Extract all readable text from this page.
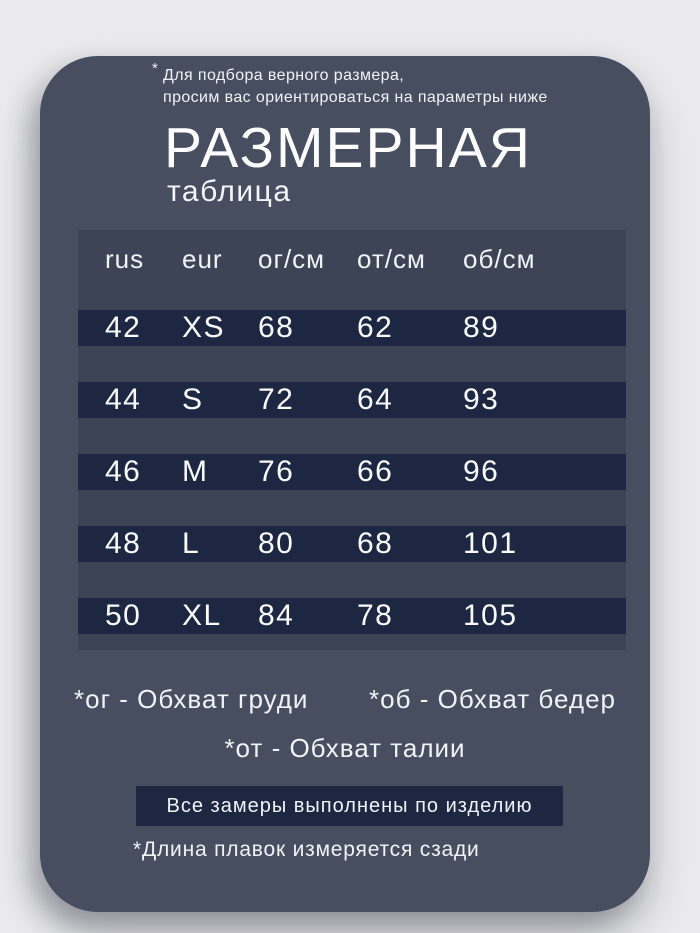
* Для подбора верного размера,
просим вас ориентироваться на параметры ниже
РАЗМЕРНАЯ
таблица
rus	eur	ог/см	от/см	об/см
42	XS	68	62	89
44	S	72	64	93
46	M	76	66	96
48	L	80	68	101
50	XL	84	78	105
*ог - Обхват груди *об - Обхват бедер
*от - Обхват талии
Все замеры выполнены по изделию
*Длина плавок измеряется сзади
